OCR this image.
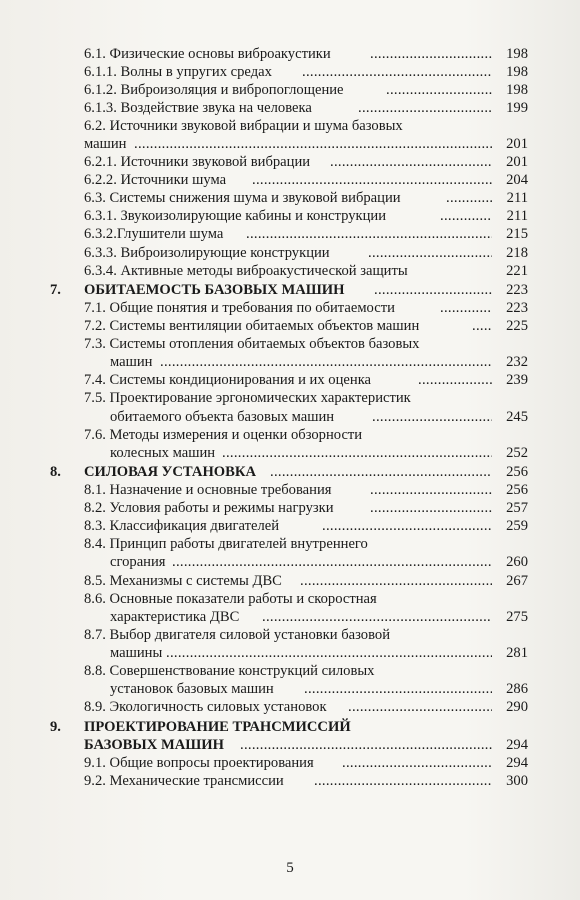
6.1. Физические основы виброакустики .....	198
6.1.1. Волны в упругих средах .....	198
6.1.2. Виброизоляция и вибропоглощение .....	198
6.1.3. Воздействие звука на человека .....	199
6.2. Источники звуковой вибрации и шума базовых
машин .....	201
6.2.1. Источники звуковой вибрации .....	201
6.2.2. Источники шума .....	204
6.3. Системы снижения шума и звуковой вибрации .....	211
6.3.1. Звукоизолирующие кабины и конструкции .....	211
6.3.2.Глушители шума .....	215
6.3.3. Виброизолирующие конструкции .....	218
6.3.4. Активные методы виброакустической защиты	221
7. ОБИТАЕМОСТЬ БАЗОВЫХ МАШИН .....	223
7.1. Общие понятия и требования по обитаемости .....	223
7.2. Системы вентиляции обитаемых объектов машин .....	225
7.3. Системы отопления обитаемых объектов базовых
машин .....	232
7.4. Системы кондиционирования и их оценка .....	239
7.5. Проектирование эргономических характеристик
обитаемого объекта базовых машин .....	245
7.6. Методы измерения и оценки обзорности
колесных машин .....	252
8. СИЛОВАЯ УСТАНОВКА .....	256
8.1. Назначение и основные требования .....	256
8.2. Условия работы и режимы нагрузки .....	257
8.3. Классификация двигателей .....	259
8.4. Принцип работы двигателей внутреннего
сгорания .....	260
8.5. Механизмы с системы ДВС .....	267
8.6. Основные показатели работы и скоростная
характеристика ДВС .....	275
8.7. Выбор двигателя силовой установки базовой
машины .....	281
8.8. Совершенствование конструкций силовых
установок базовых машин .....	286
8.9. Экологичность силовых установок .....	290
9. ПРОЕКТИРОВАНИЕ ТРАНСМИССИЙ
БАЗОВЫХ МАШИН .....	294
9.1. Общие вопросы проектирования .....	294
9.2. Механические трансмиссии .....	300
5
